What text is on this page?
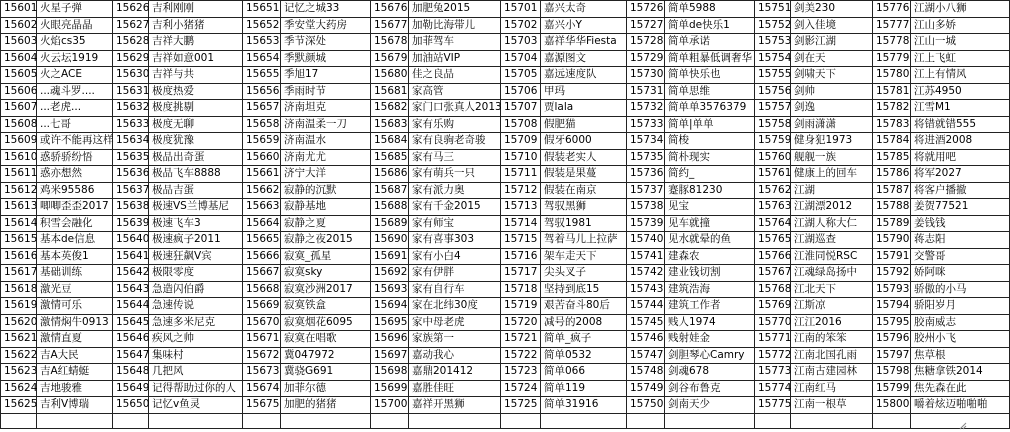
15601	火星子弹	15626	吉利刚刚	15651	记忆之城33	15676	加肥兔2015	15701	嘉兴太奇	15726	简单5988	15751	剑美230	15776	江湖小八狮
15602	火眼亮晶晶	15627	吉利小猪猪	15652	季安堂大药房	15677	加勒比海带儿	15702	嘉兴小Y	15727	简单de快乐1	15752	剑入佳境	15777	江山多娇
15603	火焰cs35	15628	吉祥大鹏	15653	季节深处	15678	加菲驾车	15703	嘉祥华华Fiesta	15728	简单承诺	15753	剑影江湖	15778	江山一城
15604	火云坛1919	15629	吉祥如意001	15654	季默颜城	15679	加油站VIP	15704	嘉源图文	15729	简单粗暴低调奢华	15754	剑在天	15779	江上飞虹
15605	火之ACE	15630	吉祥与共	15655	季旭17	15680	佳之良品	15705	嘉远速度队	15730	简单快乐也	15755	剑啸天下	15780	江上有情风
15606	...魂斗罗....	15631	极度热爱	15656	季雨时节	15681	家高管	15706	甲玛	15731	简单思维	15756	剑帅	15781	江苏4950
15607	...老虎...	15632	极度挑剔	15657	济南坦克	15682	家门口张真人2013	15707	贾lala	15732	简单单3576379	15757	剑逸	15782	江雪M1
15608	...七哥	15633	极度无聊	15658	济南温柔一刀	15683	家有乐购	15708	假肥猫	15733	简单|单单	15758	剑雨潇潇	15783	将错就错555
15609	或许不能再这样	15634	极度犹豫	15659	济南温水	15684	家有良驹老奇骏	15709	假牙6000	15734	简梭	15759	健身犯1973	15784	将进酒2008
15610	惑骄骄纷悟	15635	极品出奇蛋	15660	济南尤尤	15685	家有马三	15710	假装老实人	15735	简朴现实	15760	舰舰一族	15785	将就用吧
15611	惑亦想然	15636	极品飞车8888	15661	济宁大洋	15686	家有萌兵一只	15711	假装是果蔓	15736	简约_	15761	健康上的回车	15786	将军2027
15612	鸡米95586	15637	极品吉蛋	15662	寂静的沉默	15687	家有派力奥	15712	假装在南京	15737	蹇豚81230	15762	江湖	15787	将客户播撤
15613	唧唧歪歪2017	15638	极速VS兰博基尼	15663	寂静基地	15688	家有千金2015	15713	驾驭黑狮	15738	见宝	15763	江湖漂2012	15788	姜贺77521
15614	积雪会融化	15639	极速飞车3	15664	寂静之夏	15689	家有师宝	15714	驾驭1981	15739	见车就撞	15764	江湖人称大仁	15789	姜钱钱
15615	基本de信息	15640	极速疯子2011	15665	寂静之夜2015	15690	家有喜事303	15715	驾着马儿上拉萨	15740	见水就晕的鱼	15765	江湖巡查	15790	蒋志阳
15616	基本英俊1	15641	极速狂飙V宾	15666	寂寞_孤星	15691	家有小白4	15716	架车走天下	15741	建森农	15766	江淮同悦RSC	15791	交警哥
15617	基础训练	15642	极限零度	15667	寂寞sky	15692	家有伊胖	15717	尖头叉子	15742	建业钱切割	15767	江魂绿岛扬中	15792	娇阿咪
15618	激光豆	15643	急造闪伯爵	15668	寂寞沙洲2017	15693	家有自行车	15718	坚持到底15	15743	建筑浩海	15768	江北天下	15793	骄傲的小马
15619	激情可乐	15644	急速传说	15669	寂寞铁盒	15694	家在北纬30度	15719	艰苦奋斗80后	15744	建筑工作者	15769	江斯凉	15794	骄阳岁月
15620	激情焖牛0913	15645	急速多米尼克	15670	寂寞烟花6095	15695	家中母老虎	15720	减号的2008	15745	贱人1974	15770	江江2016	15795	胶南威志
15621	激情直夏	15646	疾风之帅	15671	寂寞在唱歌	15696	家族第一	15721	简单_疯子	15746	贱射娃金	15771	江南的笨笨	15796	胶州小飞
15622	吉A大民	15647	集味村	15672	冀047972	15697	嘉动我心	15722	简单0532	15747	剑胆琴心Camry	15772	江南北国孔雨	15797	焦草根
15623	吉A红蜻蜓	15648	几把风	15673	冀骁G691	15698	嘉鼎201412	15723	简单066	15748	剑魂678	15773	江南古建园林	15798	焦糖拿铁2014
15624	吉地骏雅	15649	记得帮助过你的人	15674	加菲尔德	15699	嘉胜佳旺	15724	简单119	15749	剑谷布鲁克	15774	江南红马	15799	焦先森在此
15625	吉利V博瑞	15650	记忆v鱼灵	15675	加肥的猪猪	15700	嘉祥开黑狮	15725	简单31916	15750	剑南天少	15775	江南一根草	15800	嚼着炫迈啪啪啪
